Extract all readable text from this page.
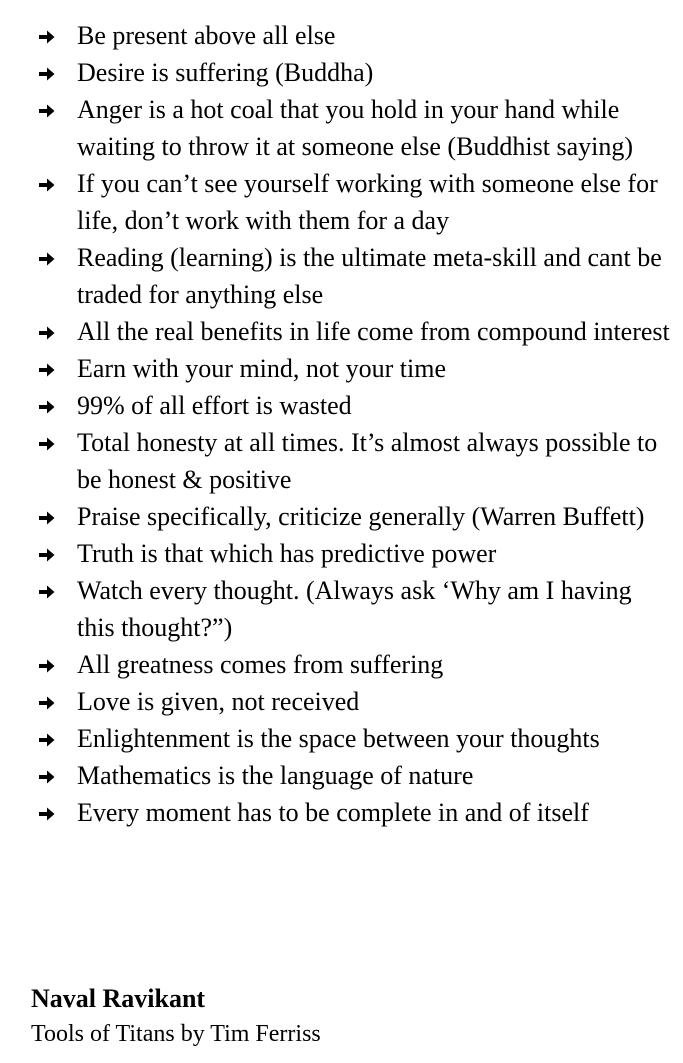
Be present above all else
Desire is suffering (Buddha)
Anger is a hot coal that you hold in your hand while waiting to throw it at someone else (Buddhist saying)
If you can’t see yourself working with someone else for life, don’t work with them for a day
Reading (learning) is the ultimate meta-skill and cant be traded for anything else
All the real benefits in life come from compound interest
Earn with your mind, not your time
99% of all effort is wasted
Total honesty at all times. It’s almost always possible to be honest & positive
Praise specifically, criticize generally (Warren Buffett)
Truth is that which has predictive power
Watch every thought. (Always ask ‘Why am I having this thought?”)
All greatness comes from suffering
Love is given, not received
Enlightenment is the space between your thoughts
Mathematics is the language of nature
Every moment has to be complete in and of itself
Naval Ravikant
Tools of Titans by Tim Ferriss
